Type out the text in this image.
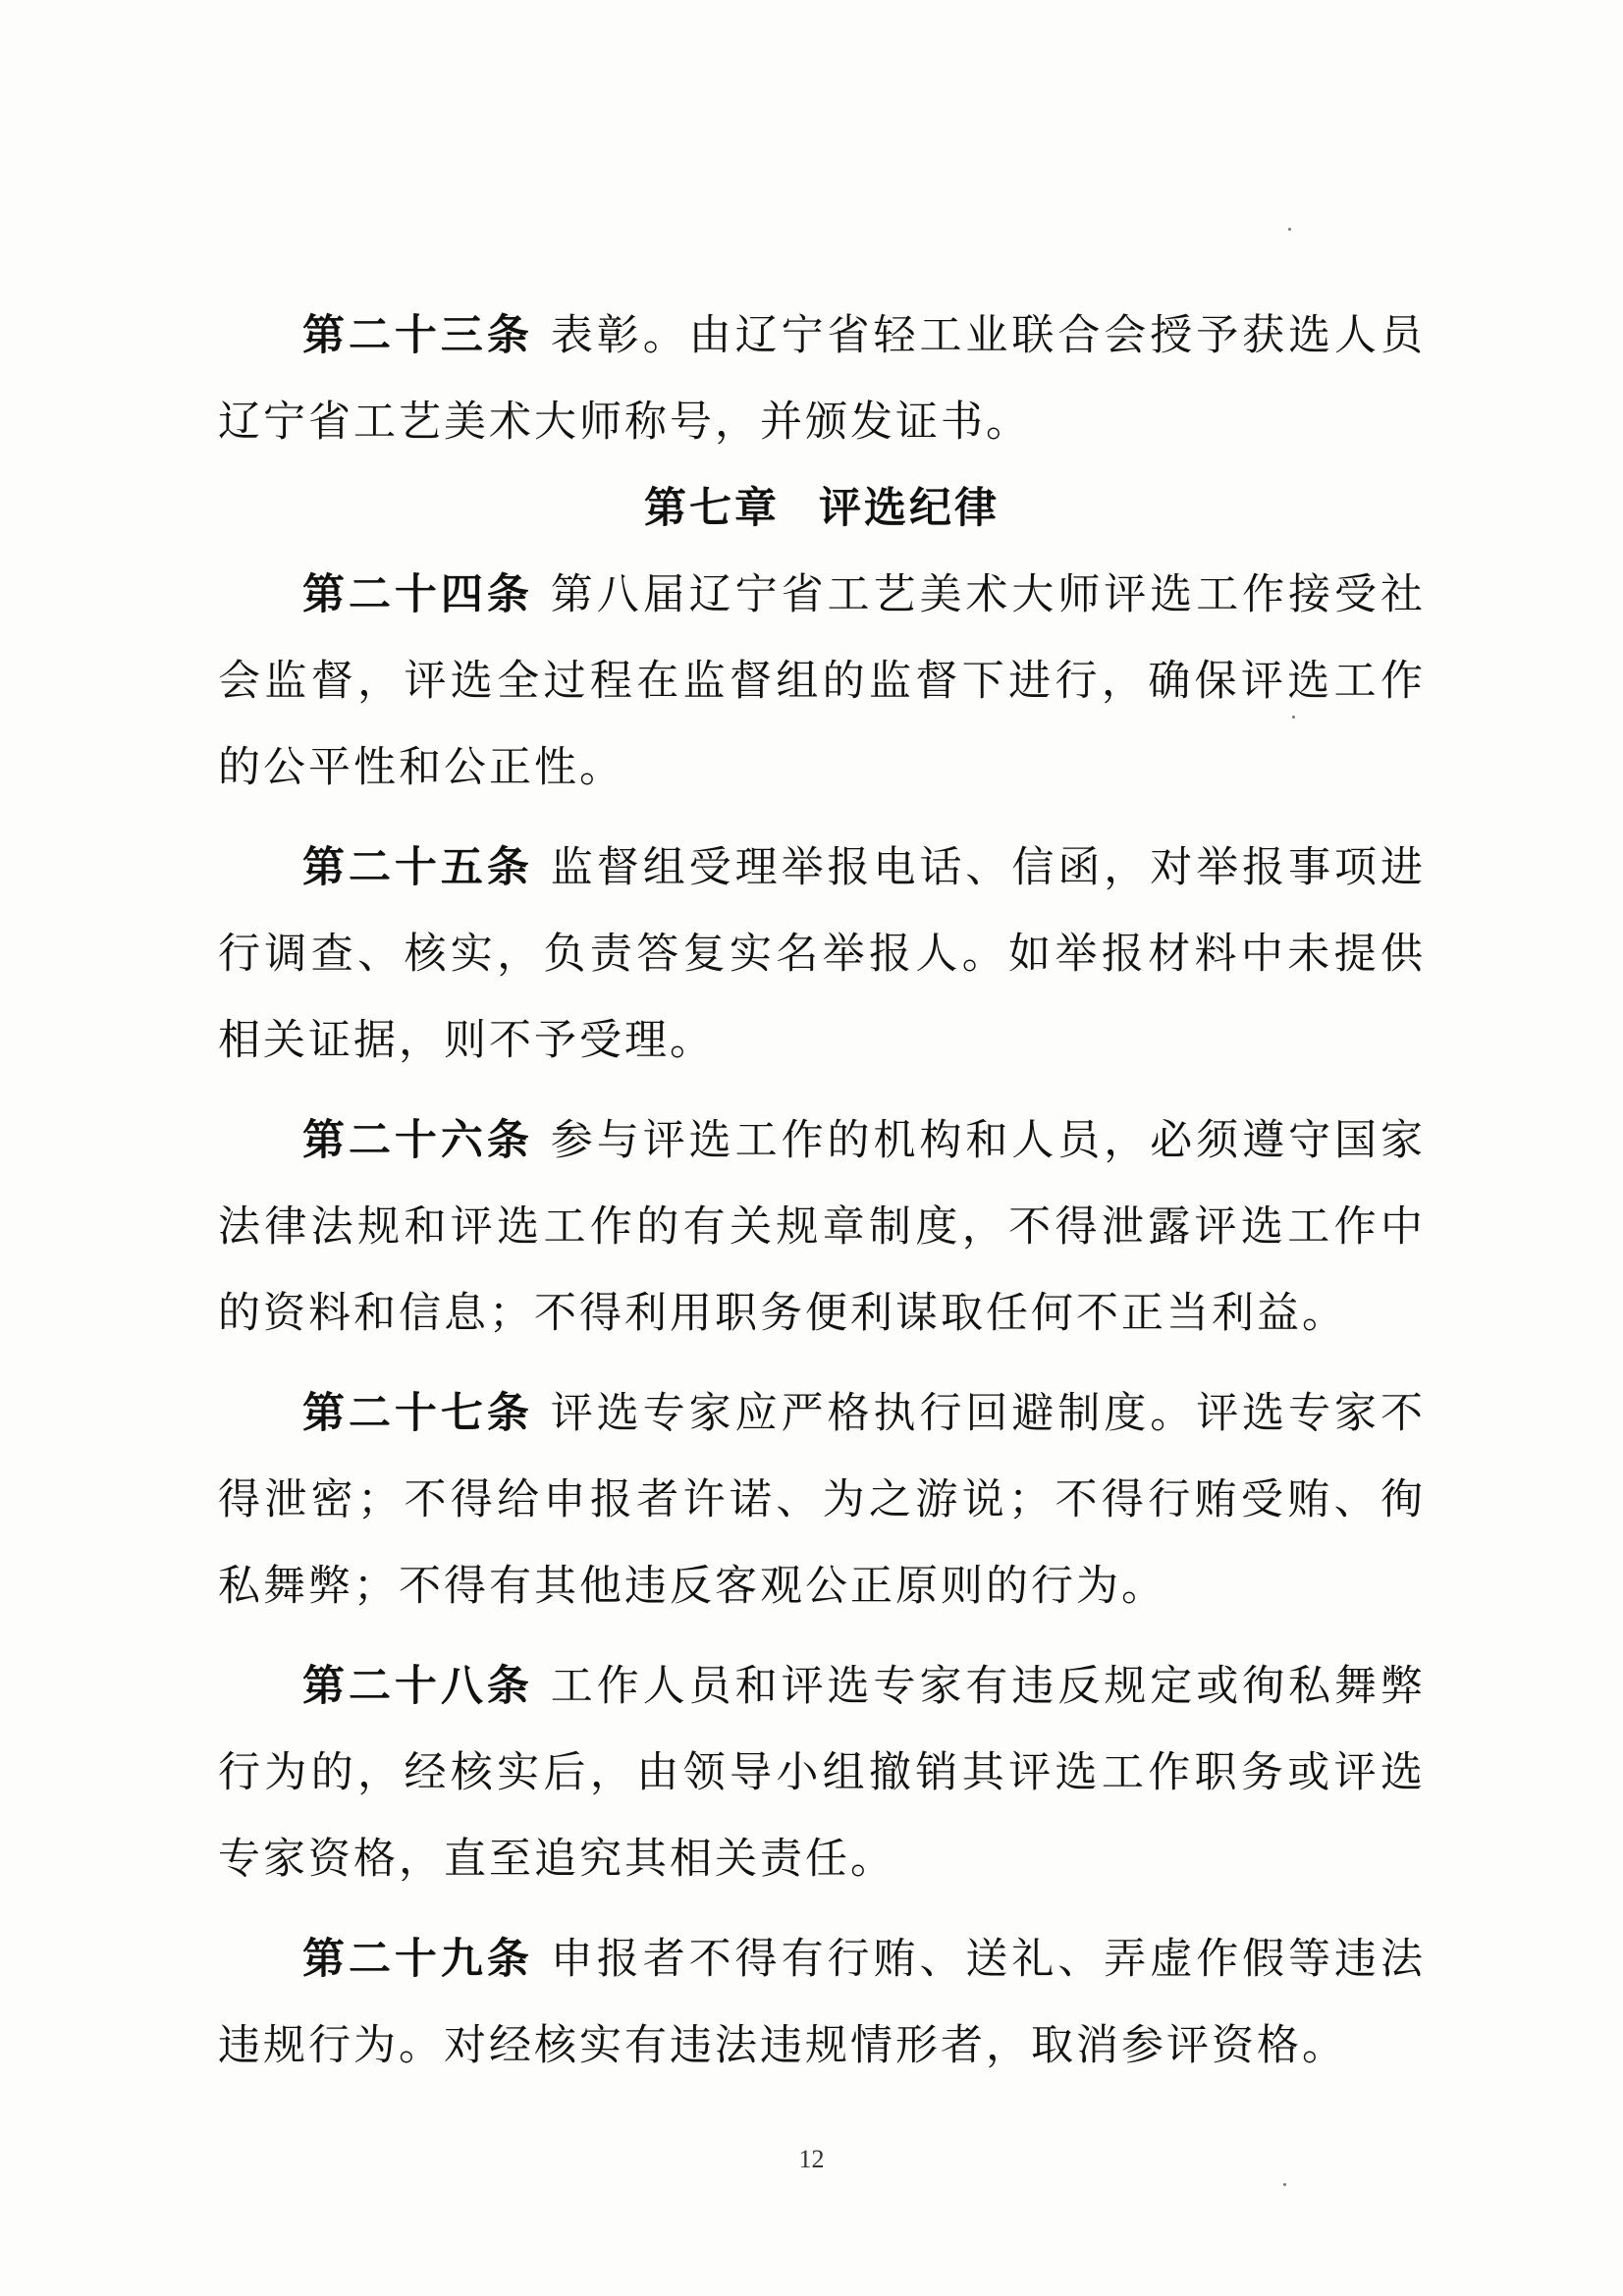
第二十三条 表彰。由辽宁省轻工业联合会授予获选人员辽宁省工艺美术大师称号，并颁发证书。

第七章 评选纪律

第二十四条 第八届辽宁省工艺美术大师评选工作接受社会监督，评选全过程在监督组的监督下进行，确保评选工作的公平性和公正性。

第二十五条 监督组受理举报电话、信函，对举报事项进行调查、核实，负责答复实名举报人。如举报材料中未提供相关证据，则不予受理。

第二十六条 参与评选工作的机构和人员，必须遵守国家法律法规和评选工作的有关规章制度，不得泄露评选工作中的资料和信息；不得利用职务便利谋取任何不正当利益。

第二十七条 评选专家应严格执行回避制度。评选专家不得泄密；不得给申报者许诺、为之游说；不得行贿受贿、徇私舞弊；不得有其他违反客观公正原则的行为。

第二十八条 工作人员和评选专家有违反规定或徇私舞弊行为的，经核实后，由领导小组撤销其评选工作职务或评选专家资格，直至追究其相关责任。

第二十九条 申报者不得有行贿、送礼、弄虚作假等违法违规行为。对经核实有违法违规情形者，取消参评资格。

12
